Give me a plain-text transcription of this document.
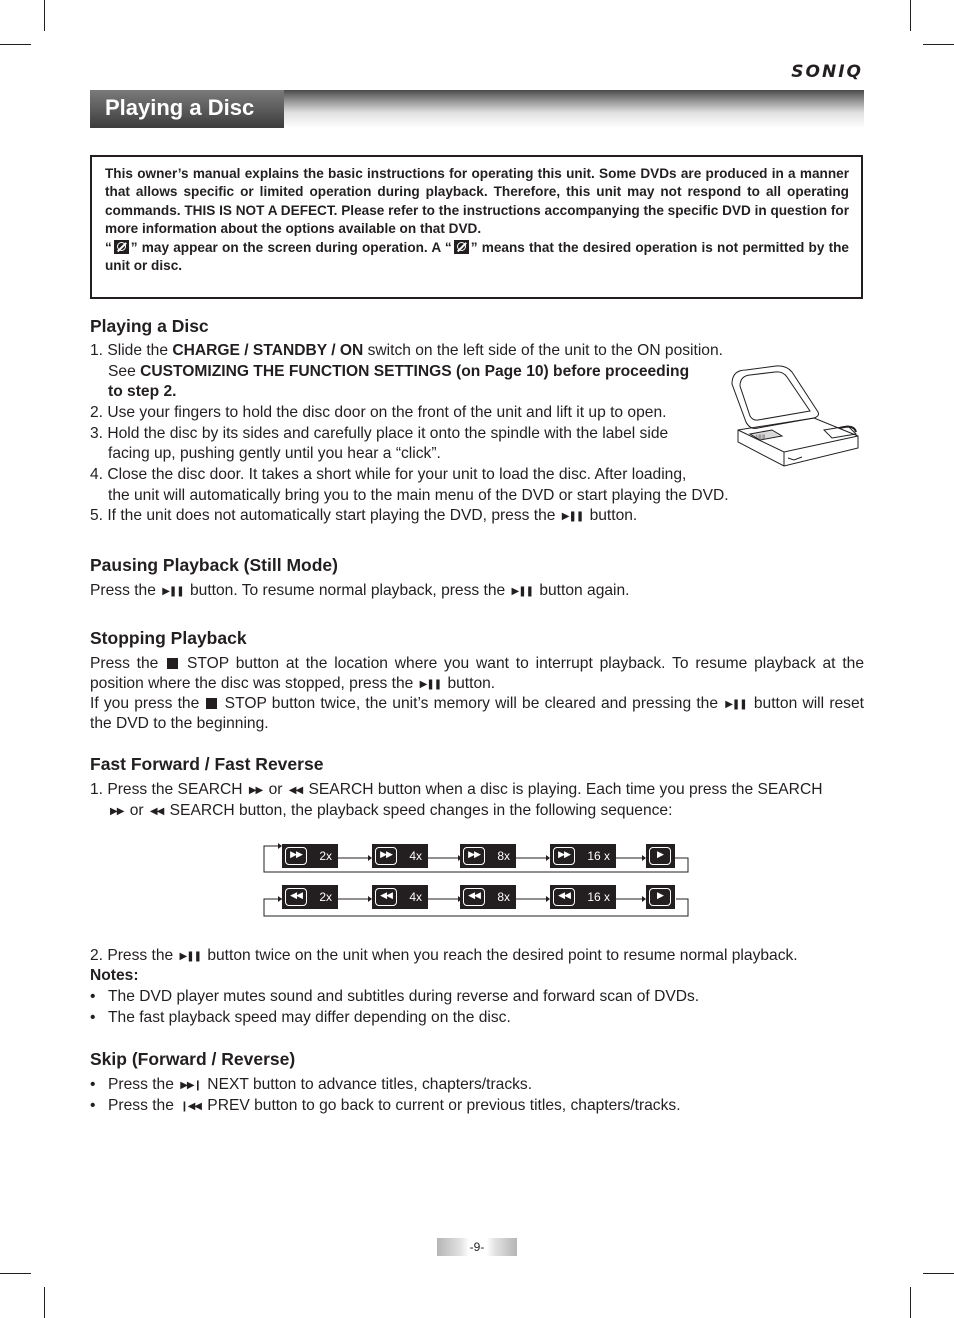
SONIQ
Playing a Disc

This owner’s manual explains the basic instructions for operating this unit. Some DVDs are produced in a manner that allows specific or limited operation during playback. Therefore, this unit may not respond to all operating commands. THIS IS NOT A DEFECT. Please refer to the instructions accompanying the specific DVD in question for more information about the options available on that DVD.

“ ” may appear on the screen during operation. A “ ” means that the desired operation is not permitted by the unit or disc.

Playing a Disc
1. Slide the CHARGE / STANDBY / ON switch on the left side of the unit to the ON position.
See CUSTOMIZING THE FUNCTION SETTINGS (on Page 10) before proceeding
to step 2.
2. Use your fingers to hold the disc door on the front of the unit and lift it up to open.
3. Hold the disc by its sides and carefully place it onto the spindle with the label side
facing up, pushing gently until you hear a “click”.
4. Close the disc door. It takes a short while for your unit to load the disc. After loading,
the unit will automatically bring you to the main menu of the DVD or start playing the DVD.
5. If the unit does not automatically start playing the DVD, press the ▶❚❚ button.
|||||||
Pausing Playback (Still Mode)
Press the ▶❚❚ button. To resume normal playback, press the ▶❚❚ button again.
Stopping Playback

Press the  STOP button at the location where you want to interrupt playback. To resume playback at the position where the disc was stopped, press the ▶❚❚ button.

If you press the  STOP button twice, the unit’s memory will be cleared and pressing the ▶❚❚ button will reset the DVD to the beginning.

Fast Forward / Fast Reverse
1. Press the SEARCH ▶▶ or ◀◀ SEARCH button when a disc is playing. Each time you press the SEARCH
▶▶ or ◀◀ SEARCH button, the playback speed changes in the following sequence:
▶▶	2x	▶▶	4x	▶▶	8x	▶▶	16 x	▶
◀◀	2x	◀◀	4x	◀◀	8x	◀◀	16 x	▶
2. Press the ▶❚❚ button twice on the unit when you reach the desired point to resume normal playback.
Notes:
• The DVD player mutes sound and subtitles during reverse and forward scan of DVDs.
• The fast playback speed may differ depending on the disc.
Skip (Forward / Reverse)
• Press the ▶▶❙ NEXT button to advance titles, chapters/tracks.
• Press the ❙◀◀ PREV button to go back to current or previous titles, chapters/tracks.
-9-
